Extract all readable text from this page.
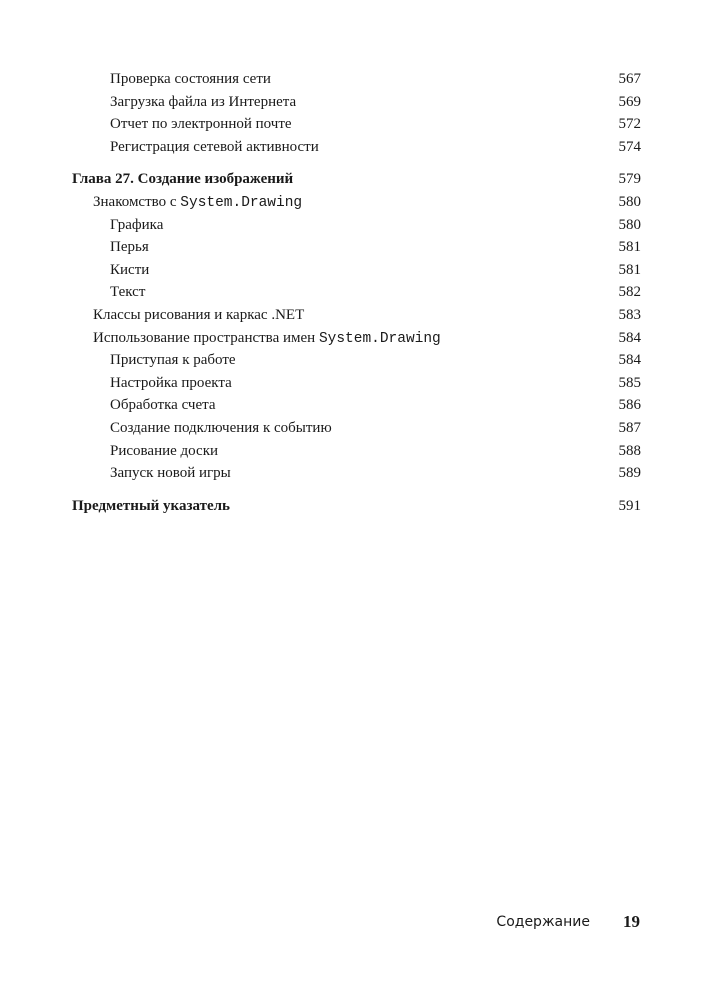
Проверка состояния сети	567
Загрузка файла из Интернета	569
Отчет по электронной почте	572
Регистрация сетевой активности	574
Глава 27. Создание изображений	579
Знакомство с System.Drawing	580
Графика	580
Перья	581
Кисти	581
Текст	582
Классы рисования и каркас .NET	583
Использование пространства имен System.Drawing	584
Приступая к работе	584
Настройка проекта	585
Обработка счета	586
Создание подключения к событию	587
Рисование доски	588
Запуск новой игры	589
Предметный указатель	591
Содержание 19
